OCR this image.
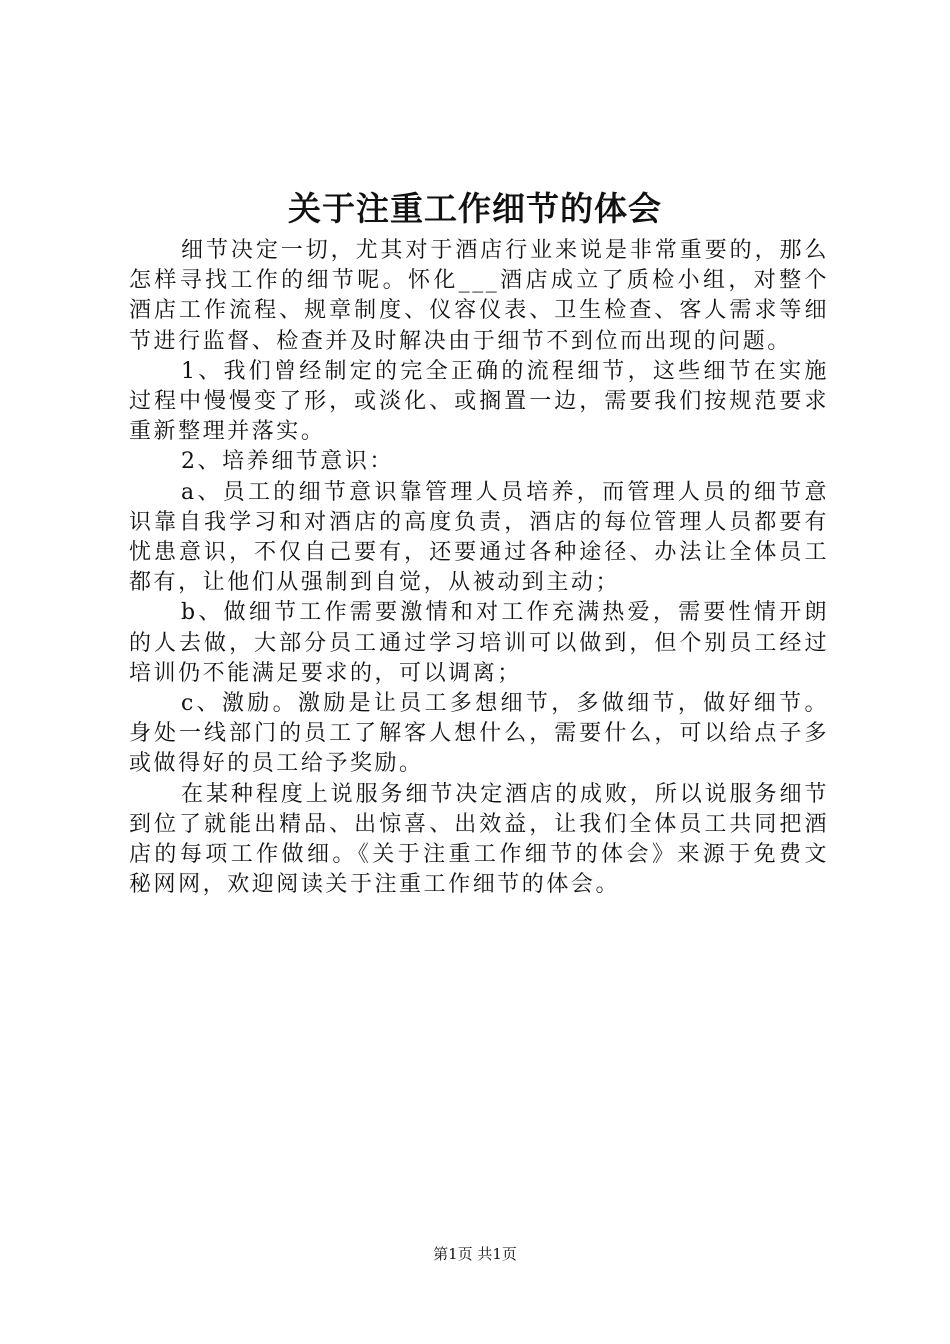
关于注重工作细节的体会

细节决定一切，尤其对于酒店行业来说是非常重要的，那么怎样寻找工作的细节呢。怀化___酒店成立了质检小组，对整个酒店工作流程、规章制度、仪容仪表、卫生检查、客人需求等细节进行监督、检查并及时解决由于细节不到位而出现的问题。

1、我们曾经制定的完全正确的流程细节，这些细节在实施过程中慢慢变了形，或淡化、或搁置一边，需要我们按规范要求重新整理并落实。

2、培养细节意识：

a、员工的细节意识靠管理人员培养，而管理人员的细节意识靠自我学习和对酒店的高度负责，酒店的每位管理人员都要有忧患意识，不仅自己要有，还要通过各种途径、办法让全体员工都有，让他们从强制到自觉，从被动到主动；

b、做细节工作需要激情和对工作充满热爱，需要性情开朗的人去做，大部分员工通过学习培训可以做到，但个别员工经过培训仍不能满足要求的，可以调离；

c、激励。激励是让员工多想细节，多做细节，做好细节。身处一线部门的员工了解客人想什么，需要什么，可以给点子多或做得好的员工给予奖励。

在某种程度上说服务细节决定酒店的成败，所以说服务细节到位了就能出精品、出惊喜、出效益，让我们全体员工共同把酒店的每项工作做细。《关于注重工作细节的体会》来源于免费文秘网网，欢迎阅读关于注重工作细节的体会。

第1页 共1页
